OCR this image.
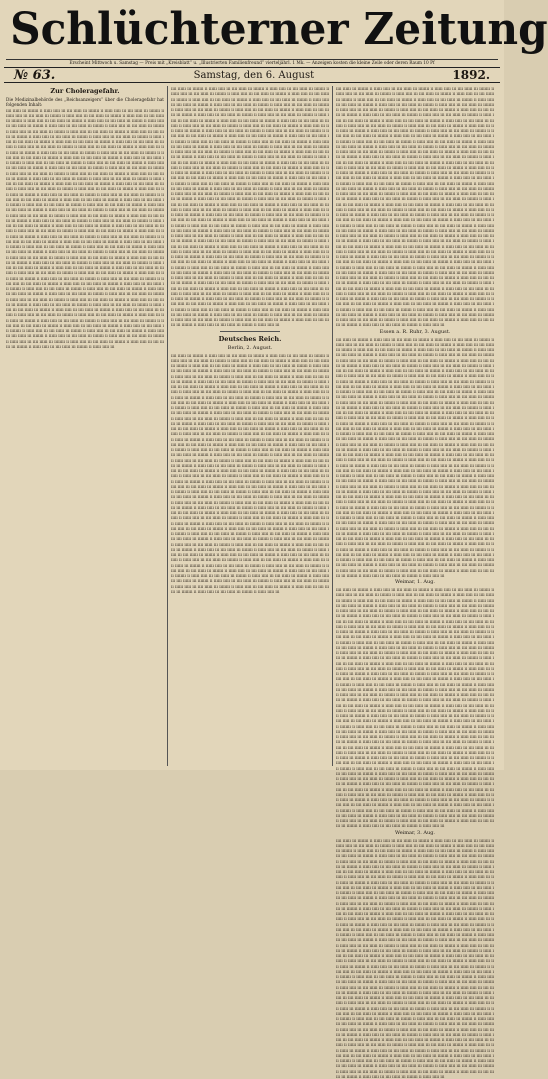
Schlüchterner Zeitung
Erscheint Mittwoch u. Samstag — Preis mit „Kreisblatt“ u. „Illustrierten Familienfreund“ vierteljährl. 1 Mk. — Anzeigen kosten die kleine Zeile oder deren Raum 10 Pf
№ 63.	Samstag, den 6. August	1892.
Zur Choleragefahr.
Die Medizinalbehörde des „Reichsanzeigers“ über die Choleragefahr hat folgenden Inhalt:
ıııı ıııııı ııı ıııııııı ıı ıııııı ııııı ııı ıııı ıııııı ııı ıııııııı ıı ıııııı ııııı ııı ıııı ıııııı ııı ıııııııı ıı ıııııı ııııı ııı ıııı ıııııı ııı ıııııııı ıı ıııııı ııııı ııı ıııı ıııııı ııı ıııııııı ıı ıııııı ııııı ııı ıııı ıııııı ııı ıııııııı ıı ıııııı ııııı ııı ıııı ıııııı ııı ıııııııı ıı ıııııı ııııı ııı ıııı ıııııı ııı ıııııııı ıı ıııııı ııııı ııı ıııı ıııııı ııı ıııııııı ıı ıııııı ııııı ııı ıııı ıııııı ııı ıııııııı ıı ıııııı ııııı ııı ıııı ıııııı ııı ıııııııı ıı ıııııı ııııı ııı ıııı ıııııı ııı ıııııııı ıı ıııııı ııııı ııı ıııı ıııııı ııı ıııııııı ıı ıııııı ııııı ııı ıııı ıııııı ııı ıııııııı ıı ıııııı ııııı ııı ıııı ıııııı ııı ıııııııı ıı ıııııı ııııı ııı ıııı ıııııı ııı ıııııııı ıı ıııııı ııııı ııı ıııı ıııııı ııı ıııııııı ıı ıııııı ııııı ııı ıııı ıııııı ııı ıııııııı ıı ıııııı ııııı ııı ıııı ıııııı ııı ıııııııı ıı ıııııı ııııı ııı ıııı ıııııı ııı ıııııııı ıı ıııııı ııııı ııı ıııı ıııııı ııı ıııııııı ıı ıııııı ııııı ııı ıııı ıııııı ııı ıııııııı ıı ıııııı ııııı ııı ıııı ıııııı ııı ıııııııı ıı ıııııı ııııı ııı ıııı ıııııı ııı ıııııııı ıı ıııııı ııııı ııı ıııı ıııııı ııı ıııııııı ıı ıııııı ııııı ııı ıııı ıııııı ııı ıııııııı ıı ıııııı ııııı ııı ıııı ıııııı ııı ıııııııı ıı ıııııı ııııı ııı ıııı ıııııı ııı ıııııııı ıı ıııııı ııııı ııı ıııı ıııııı ııı ıııııııı ıı ıııııı ııııı ııı ıııı ıııııı ııı ıııııııı ıı ıııııı ııııı ııı ıııı ıııııı ııı ıııııııı ıı ıııııı ııııı ııı ıııı ıııııı ııı ıııııııı ıı ıııııı ııııı ııı ıııı ıııııı ııı ıııııııı ıı ıııııı ııııı ııı ıııı ıııııı ııı ıııııııı ıı ıııııı ııııı ııı ıııı ıııııı ııı ıııııııı ıı ıııııı ııııı ııı ıııı ıııııı ııı ıııııııı ıı ıııııı ııııı ııı ıııı ıııııı ııı ıııııııı ıı ıııııı ııııı ııı ıııı ıııııı ııı ıııııııı ıı ıııııı ııııı ııı ıııı ıııııı ııı ıııııııı ıı ıııııı ııııı ııı ıııı ıııııı ııı ıııııııı ıı ıııııı ııııı ııı ıııı ıııııı ııı ıııııııı ıı ıııııı ııııı ııı ıııı ıııııı ııı ıııııııı ıı ıııııı ııııı ııı ıııı ıııııı ııı ıııııııı ıı ıııııı ııııı ııı ıııı ıııııı ııı ıııııııı ıı ıııııı ııııı ııı ıııı ıııııı ııı ıııııııı ıı ıııııı ııııı ııı ıııı ıııııı ııı ıııııııı ıı ıııııı ııııı ııı ıııı ıııııı ııı ıııııııı ıı ıııııı ııııı ııı ıııı ıııııı ııı ıııııııı ıı ıııııı ııııı ııı ıııı ıııııı ııı ıııııııı ıı ıııııı ııııı ııı ıııı ıııııı ııı ıııııııı ıı ıııııı ııııı ııı ıııı ıııııı ııı ıııııııı ıı ıııııı ııııı ııı ıııı ıııııı ııı ıııııııı ıı ıııııı ııııı ııı ıııı ıııııı ııı ıııııııı ıı ıııııı ııııı ııı ıııı ıııııı ııı ıııııııı ıı ıııııı ııııı ııı ıııı ıııııı ııı ıııııııı ıı ıııııı ııııı ııı ıııı ıııııı ııı ıııııııı ıı ıııııı ııııı ııı ıııı ıııııı ııı ıııııııı ıı ıııııı ııııı ııı ıııı ıııııı ııı ıııııııı ıı ıııııı ııııı ııı ıııı ıııııı ııı ıııııııı ıı ıııııı ııııı ııı ıııı ıııııı ııı ıııııııı ıı ıııııı ııııı ııı ıııı ıııııı ııı ıııııııı ıı ıııııı ııııı ııı ıııı ıııııı ııı ıııııııı ıı ıııııı ııııı ııı ıııı ıııııı ııı ıııııııı ıı ıııııı ııııı ııı ıııı ıııııı ııı ıııııııı ıı ıııııı ııııı ııı ıııı ıııııı ııı ıııııııı ıı ıııııı ııııı ııı ıııı ıııııı ııı ıııııııı ıı ıııııı ııııı ııı ıııı ıııııı ııı ıııııııı ıı ıııııı ııııı ııı ıııı ıııııı ııı ıııııııı ıı ıııııı ııııı ııı ıııı ıııııı ııı ıııııııı ıı ıııııı ııııı ııı ıııı ıııııı ııı ıııııııı ıı ıııııı ııııı ııı ıııı ıııııı ııı ıııııııı ıı ıııııı ııııı ııı ıııı ıııııı ııı ıııııııı ıı ıııııı ııııı ııı ıııı ıııııı ııı ıııııııı ıı ıııııı ııııı ııı ıııı ıııııı ııı ıııııııı ıı ıııııı ııııı ııı ıııı ıııııı ııı ıııııııı ıı ıııııı ııııı ııı ıııı ıııııı ııı ıııııııı ıı ıııııı ııııı ııı ıııı ıııııı ııı ıııııııı ıı ıııııı ııııı ııı ıııı ıııııı ııı ıııııııı ıı ıııııı ııııı ııı ıııı ıııııı ııı ıııııııı ıı ıııııı ııııı ııı ıııı ıııııı ııı ıııııııı ıı ıııııı ııııı ııı ıııı ıııııı ııı ıııııııı ıı ıııııı ııııı ııı ıııı ıııııı ııı ıııııııı ıı ıııııı ııııı ııı ıııı ıııııı ııı ıııııııı ıı ıııııı ııııı ııı ıııı ıııııı ııı ıııııııı ıı ıııııı ııııı ııı ıııı ıııııı ııı ıııııııı ıı ıııııı ııııı ııı ıııı ıııııı ııı ıııııııı ıı ıııııı ııııı ııı ıııı ıııııı ııı ıııııııı ıı ıııııı ııııı ııı ıııı ıııııı ııı ıııııııı ıı ıııııı ııııı ııı ıııı ıııııı ııı ıııııııı ıı ıııııı ııııı ııı ıııı ıııııı ııı ıııııııı ıı ıııııı ııııı ııı ıııı ıııııı ııı ıııııııı ıı ıııııı ııııı ııı ıııı ıııııı ııı ıııııııı ıı ıııııı ııııı ııı ıııı ıııııı ııı ıııııııı ıı ıııııı ııııı ııı ıııı ıııııı ııı ıııııııı ıı ıııııı ııııı ııı ıııı ıııııı ııı ıııııııı ıı ıııııı ııııı ııı ıııı ıııııı ııı ıııııııı ıı ıııııı ııııı ııı ıııı ıııııı ııı ıııııııı ıı ıııııı ııııı ııı ıııı ıııııı ııı ıııııııı ıı ıııııı ııııı ııı ıııı ıııııı ııı ıııııııı ıı ıııııı ııııı ııı ıııı ıııııı ııı ıııııııı ıı ıııııı ııııı ııı ıııı ıııııı ııı ıııııııı ıı ıııııı ııııı ııı ıııı ıııııı ııı ıııııııı ıı ıııııı ııııı ııı ıııı ıııııı ııı ıııııııı ıı ıııııı ııııı ııı ıııı ıııııı ııı ıııııııı ıı ıııııı ııııı ııı ıııı ıııııı ııı ıııııııı ıı ıııııı ııııı ııı ıııı ıııııı ııı ıııııııı ıı ıııııı ııııı ııı ıııı ıııııı ııı ıııııııı ıı ıııııı ııııı ııı ıııı ıııııı ııı ıııııııı ıı ıııııı ııııı ııı ıııı ıııııı ııı ıııııııı ıı ıııııı ııııı ııı ıııı ıııııı ııı ıııııııı ıı ıııııı ııııı ııı ıııı ıııııı ııı ıııııııı ıı ıııııı ııııı ııı ıııı ıııııı ııı ıııııııı ıı ıııııı ııııı ııı ıııı ıııııı ııı ıııııııı ıı ıııııı ııııı ııı ıııı ıııııı ııı ıııııııı ıı ıııııı ııııı ııı ıııı ıııııı ııı ıııııııı ıı ıııııı ııııı ııı ıııı ıııııı ııı ıııııııı ıı ıııııı ııııı ııı ıııı ıııııı ııı ıııııııı ıı ıııııı ııııı ııı ıııı ıııııı ııı ıııııııı ıı ıııııı ııııı ııı ıııı ıııııı ııı ıııııııı ıı ıııııı ııııı ııı ıııı ıııııı ııı ıııııııı ıı ıııııı ııııı ııı
ıııı ıııııı ııı ıııııııı ıı ıııııı ııııı ııı ıııı ıııııı ııı ıııııııı ıı ıııııı ııııı ııı ıııı ıııııı ııı ıııııııı ıı ıııııı ııııı ııı ıııı ıııııı ııı ıııııııı ıı ıııııı ııııı ııı ıııı ıııııı ııı ıııııııı ıı ıııııı ııııı ııı ıııı ıııııı ııı ıııııııı ıı ıııııı ııııı ııı ıııı ıııııı ııı ıııııııı ıı ıııııı ııııı ııı ıııı ıııııı ııı ıııııııı ıı ıııııı ııııı ııı ıııı ıııııı ııı ıııııııı ıı ıııııı ııııı ııı ıııı ıııııı ııı ıııııııı ıı ıııııı ııııı ııı ıııı ıııııı ııı ıııııııı ıı ıııııı ııııı ııı ıııı ıııııı ııı ıııııııı ıı ıııııı ııııı ııı ıııı ıııııı ııı ıııııııı ıı ıııııı ııııı ııı ıııı ıııııı ııı ıııııııı ıı ıııııı ııııı ııı ıııı ıııııı ııı ıııııııı ıı ıııııı ııııı ııı ıııı ıııııı ııı ıııııııı ıı ıııııı ııııı ııı ıııı ıııııı ııı ıııııııı ıı ıııııı ııııı ııı ıııı ıııııı ııı ıııııııı ıı ıııııı ııııı ııı ıııı ıııııı ııı ıııııııı ıı ıııııı ııııı ııı ıııı ıııııı ııı ıııııııı ıı ıııııı ııııı ııı ıııı ıııııı ııı ıııııııı ıı ıııııı ııııı ııı ıııı ıııııı ııı ıııııııı ıı ıııııı ııııı ııı ıııı ıııııı ııı ıııııııı ıı ıııııı ııııı ııı ıııı ıııııı ııı ıııııııı ıı ıııııı ııııı ııı ıııı ıııııı ııı ıııııııı ıı ıııııı ııııı ııı ıııı ıııııı ııı ıııııııı ıı ıııııı ııııı ııı ıııı ıııııı ııı ıııııııı ıı ıııııı ııııı ııı ıııı ıııııı ııı ıııııııı ıı ıııııı ııııı ııı ıııı ıııııı ııı ıııııııı ıı ıııııı ııııı ııı ıııı ıııııı ııı ıııııııı ıı ıııııı ııııı ııı ıııı ıııııı ııı ıııııııı ıı ıııııı ııııı ııı ıııı ıııııı ııı ıııııııı ıı ıııııı ııııı ııı ıııı ıııııı ııı ıııııııı ıı ıııııı ııııı ııı ıııı ıııııı ııı ıııııııı ıı ıııııı ııııı ııı ıııı ıııııı ııı ıııııııı ıı ıııııı ııııı ııı ıııı ıııııı ııı ıııııııı ıı ıııııı ııııı ııı ıııı ıııııı ııı ıııııııı ıı ıııııı ııııı ııı ıııı ıııııı ııı ıııııııı ıı ıııııı ııııı ııı ıııı ıııııı ııı ıııııııı ıı ıııııı ııııı ııı ıııı ıııııı ııı ıııııııı ıı ıııııı ııııı ııı ıııı ıııııı ııı ıııııııı ıı ıııııı ııııı ııı ıııı ıııııı ııı ıııııııı ıı ıııııı ııııı ııı ıııı ıııııı ııı ıııııııı ıı ıııııı ııııı ııı ıııı ıııııı ııı ıııııııı ıı ıııııı ııııı ııı ıııı ıııııı ııı ıııııııı ıı ıııııı ııııı ııı ıııı ıııııı ııı ıııııııı ıı ıııııı ııııı ııı ıııı ıııııı ııı ıııııııı ıı ıııııı ııııı ııı ıııı ıııııı ııı ıııııııı ıı ıııııı ııııı ııı ıııı ıııııı ııı ıııııııı ıı ıııııı ııııı ııı ıııı ıııııı ııı ıııııııı ıı ıııııı ııııı ııı ıııı ıııııı ııı ıııııııı ıı ıııııı ııııı ııı ıııı ıııııı ııı ıııııııı ıı ıııııı ııııı ııı ıııı ıııııı ııı ıııııııı ıı ıııııı ııııı ııı ıııı ıııııı ııı ıııııııı ıı ıııııı ııııı ııı ıııı ıııııı ııı ıııııııı ıı ıııııı ııııı ııı ıııı ıııııı ııı ıııııııı ıı ıııııı ııııı ııı ıııı ıııııı ııı ıııııııı ıı ıııııı ııııı ııı ıııı ıııııı ııı ıııııııı ıı ıııııı ııııı ııı ıııı ıııııı ııı ıııııııı ıı ıııııı ııııı ııı ıııı ıııııı ııı ıııııııı ıı ıııııı ııııı ııı ıııı ıııııı ııı ıııııııı ıı ıııııı ııııı ııı ıııı ıııııı ııı ıııııııı ıı ıııııı ııııı ııı ıııı ıııııı ııı ıııııııı ıı ıııııı ııııı ııı ıııı ıııııı ııı ıııııııı ıı ıııııı ııııı ııı ıııı ıııııı ııı ıııııııı ıı ıııııı ııııı ııı ıııı ıııııı ııı ıııııııı ıı ıııııı ııııı ııı ıııı ıııııı ııı ıııııııı ıı ıııııı ııııı ııı ıııı ıııııı ııı ıııııııı ıı ıııııı ııııı ııı ıııı ıııııı ııı ıııııııı ıı ıııııı ııııı ııı ıııı ıııııı ııı ıııııııı ıı ıııııı ııııı ııı ıııı ıııııı ııı ıııııııı ıı ıııııı ııııı ııı ıııı ıııııı ııı ıııııııı ıı ıııııı ııııı ııı ıııı ıııııı ııı ıııııııı ıı ıııııı ııııı ııı ıııı ıııııı ııı ıııııııı ıı ıııııı ııııı ııı ıııı ıııııı ııı ıııııııı ıı ıııııı ııııı ııı ıııı ıııııı ııı ıııııııı ıı ıııııı ııııı ııı ıııı ıııııı ııı ıııııııı ıı ıııııı ııııı ııı ıııı ıııııı ııı ıııııııı ıı ıııııı ııııı ııı ıııı ıııııı ııı ıııııııı ıı ıııııı ııııı ııı ıııı ıııııı ııı ıııııııı ıı ıııııı ııııı ııı ıııı ıııııı ııı ıııııııı ıı ıııııı ııııı ııı ıııı ıııııı ııı ıııııııı ıı ıııııı ııııı ııı ıııı ıııııı ııı ıııııııı ıı ıııııı ııııı ııı ıııı ıııııı ııı ıııııııı ıı ıııııı ııııı ııı ıııı ıııııı ııı ıııııııı ıı ıııııı ııııı ııı ıııı ıııııı ııı ıııııııı ıı ıııııı ııııı ııı ıııı ıııııı ııı ıııııııı ıı ıııııı ııııı ııı ıııı ıııııı ııı ıııııııı ıı ıııııı ııııı ııı ıııı ıııııı ııı ıııııııı ıı ıııııı ııııı ııı ıııı ıııııı ııı ıııııııı ıı ıııııı ııııı ııı ıııı ıııııı ııı ıııııııı ıı ıııııı ııııı ııı ıııı ıııııı ııı ıııııııı ıı ıııııı ııııı ııı ıııı ıııııı ııı ıııııııı ıı ıııııı ııııı ııı ıııı ıııııı ııı ıııııııı ıı ıııııı ııııı ııı ıııı ıııııı ııı ıııııııı ıı ıııııı ııııı ııı ıııı ıııııı ııı ıııııııı ıı ıııııı ııııı ııı ıııı ıııııı ııı ıııııııı ıı ıııııı ııııı ııı ıııı ıııııı ııı ıııııııı ıı ıııııı ııııı ııı ıııı ıııııı ııı ıııııııı ıı ıııııı ııııı ııı ıııı ıııııı ııı ıııııııı ıı ıııııı ııııı ııı ıııı ıııııı ııı ıııııııı ıı ıııııı ııııı ııı ıııı ıııııı ııı ıııııııı ıı ıııııı ııııı ııı ıııı ıııııı ııı ıııııııı ıı ıııııı ııııı ııı ıııı ıııııı ııı ıııııııı ıı ıııııı ııııı ııı ıııı ıııııı ııı ıııııııı ıı ıııııı ııııı ııı ıııı ıııııı ııı ıııııııı ıı ıııııı ııııı ııı ıııı ıııııı ııı ıııııııı ıı ıııııı ııııı ııı ıııı ıııııı ııı ıııııııı ıı ıııııı ııııı ııı ıııı ıııııı ııı ıııııııı ıı ıııııı ııııı ııı ıııı ıııııı ııı ıııııııı ıı ıııııı ııııı ııı ıııı ıııııı ııı ıııııııı ıı ıııııı ııııı ııı ıııı ıııııı ııı ıııııııı ıı ıııııı ııııı ııı ıııı ıııııı ııı ıııııııı ıı ıııııı ııııı ııı ıııı ıııııı ııı ıııııııı ıı ıııııı ııııı ııı ıııı ıııııı ııı ıııııııı ıı ıııııı ııııı ııı ıııı ıııııı ııı ıııııııı ıı ıııııı ııııı ııı ıııı ıııııı ııı ıııııııı ıı ıııııı ııııı ııı ıııı ıııııı ııı ıııııııı ıı ıııııı ııııı ııı ıııı ıııııı ııı ıııııııı ıı ıııııı ııııı ııı ıııı ıııııı ııı ıııııııı ıı ıııııı ııııı ııı
Deutsches Reich.
Berlin, 2. August.
ıııı ıııııı ııı ıııııııı ıı ıııııı ııııı ııı ıııı ıııııı ııı ıııııııı ıı ıııııı ııııı ııı ıııı ıııııı ııı ıııııııı ıı ıııııı ııııı ııı ıııı ıııııı ııı ıııııııı ıı ıııııı ııııı ııı ıııı ıııııı ııı ıııııııı ıı ıııııı ııııı ııı ıııı ıııııı ııı ıııııııı ıı ıııııı ııııı ııı ıııı ıııııı ııı ıııııııı ıı ıııııı ııııı ııı ıııı ıııııı ııı ıııııııı ıı ıııııı ııııı ııı ıııı ıııııı ııı ıııııııı ıı ıııııı ııııı ııı ıııı ıııııı ııı ıııııııı ıı ıııııı ııııı ııı ıııı ıııııı ııı ıııııııı ıı ıııııı ııııı ııı ıııı ıııııı ııı ıııııııı ıı ıııııı ııııı ııı ıııı ıııııı ııı ıııııııı ıı ıııııı ııııı ııı ıııı ıııııı ııı ıııııııı ıı ıııııı ııııı ııı ıııı ıııııı ııı ıııııııı ıı ıııııı ııııı ııı ıııı ıııııı ııı ıııııııı ıı ıııııı ııııı ııı ıııı ıııııı ııı ıııııııı ıı ıııııı ııııı ııı ıııı ıııııı ııı ıııııııı ıı ıııııı ııııı ııı ıııı ıııııı ııı ıııııııı ıı ıııııı ııııı ııı ıııı ıııııı ııı ıııııııı ıı ıııııı ııııı ııı ıııı ıııııı ııı ıııııııı ıı ıııııı ııııı ııı ıııı ıııııı ııı ıııııııı ıı ıııııı ııııı ııı ıııı ıııııı ııı ıııııııı ıı ıııııı ııııı ııı ıııı ıııııı ııı ıııııııı ıı ıııııı ııııı ııı ıııı ıııııı ııı ıııııııı ıı ıııııı ııııı ııı ıııı ıııııı ııı ıııııııı ıı ıııııı ııııı ııı ıııı ıııııı ııı ıııııııı ıı ıııııı ııııı ııı ıııı ıııııı ııı ıııııııı ıı ıııııı ııııı ııı ıııı ıııııı ııı ıııııııı ıı ıııııı ııııı ııı ıııı ıııııı ııı ıııııııı ıı ıııııı ııııı ııı ıııı ıııııı ııı ıııııııı ıı ıııııı ııııı ııı ıııı ıııııı ııı ıııııııı ıı ıııııı ııııı ııı ıııı ıııııı ııı ıııııııı ıı ıııııı ııııı ııı ıııı ıııııı ııı ıııııııı ıı ıııııı ııııı ııı ıııı ıııııı ııı ıııııııı ıı ıııııı ııııı ııı ıııı ıııııı ııı ıııııııı ıı ıııııı ııııı ııı ıııı ıııııı ııı ıııııııı ıı ıııııı ııııı ııı ıııı ıııııı ııı ıııııııı ıı ıııııı ııııı ııı ıııı ıııııı ııı ıııııııı ıı ıııııı ııııı ııı ıııı ıııııı ııı ıııııııı ıı ıııııı ııııı ııı ıııı ıııııı ııı ıııııııı ıı ıııııı ııııı ııı ıııı ıııııı ııı ıııııııı ıı ıııııı ııııı ııı ıııı ıııııı ııı ıııııııı ıı ıııııı ııııı ııı ıııı ıııııı ııı ıııııııı ıı ıııııı ııııı ııı ıııı ıııııı ııı ıııııııı ıı ıııııı ııııı ııı ıııı ıııııı ııı ıııııııı ıı ıııııı ııııı ııı ıııı ıııııı ııı ıııııııı ıı ıııııı ııııı ııı ıııı ıııııı ııı ıııııııı ıı ıııııı ııııı ııı ıııı ıııııı ııı ıııııııı ıı ıııııı ııııı ııı ıııı ıııııı ııı ıııııııı ıı ıııııı ııııı ııı ıııı ıııııı ııı ıııııııı ıı ıııııı ııııı ııı ıııı ıııııı ııı ıııııııı ıı ıııııı ııııı ııı ıııı ıııııı ııı ıııııııı ıı ıııııı ııııı ııı ıııı ıııııı ııı ıııııııı ıı ıııııı ııııı ııı ıııı ıııııı ııı ıııııııı ıı ıııııı ııııı ııı ıııı ıııııı ııı ıııııııı ıı ıııııı ııııı ııı ıııı ıııııı ııı ıııııııı ıı ıııııı ııııı ııı ıııı ıııııı ııı ıııııııı ıı ıııııı ııııı ııı ıııı ıııııı ııı ıııııııı ıı ıııııı ııııı ııı ıııı ıııııı ııı ıııııııı ıı ıııııı ııııı ııı ıııı ıııııı ııı ıııııııı ıı ıııııı ııııı ııı ıııı ıııııı ııı ıııııııı ıı ıııııı ııııı ııı ıııı ıııııı ııı ıııııııı ıı ıııııı ııııı ııı ıııı ıııııı ııı ıııııııı ıı ıııııı ııııı ııı ıııı ıııııı ııı ıııııııı ıı ıııııı ııııı ııı ıııı ıııııı ııı ıııııııı ıı ıııııı ııııı ııı ıııı ıııııı ııı ıııııııı ıı ıııııı ııııı ııı ıııı ıııııı ııı ıııııııı ıı ıııııı ııııı ııı ıııı ıııııı ııı ıııııııı ıı ıııııı ııııı ııı ıııı ıııııı ııı ıııııııı ıı ıııııı ııııı ııı ıııı ıııııı ııı ıııııııı ıı ıııııı ııııı ııı ıııı ıııııı ııı ıııııııı ıı ıııııı ııııı ııı ıııı ıııııı ııı ıııııııı ıı ıııııı ııııı ııı ıııı ıııııı ııı ıııııııı ıı ıııııı ııııı ııı ıııı ıııııı ııı ıııııııı ıı ıııııı ııııı ııı ıııı ıııııı ııı ıııııııı ıı ıııııı ııııı ııı ıııı ıııııı ııı ıııııııı ıı ıııııı ııııı ııı ıııı ıııııı ııı ıııııııı ıı ıııııı ııııı ııı ıııı ıııııı ııı ıııııııı ıı ıııııı ııııı ııı ıııı ıııııı ııı ıııııııı ıı ıııııı ııııı ııı ıııı ıııııı ııı ıııııııı ıı ıııııı ııııı ııı ıııı ıııııı ııı ıııııııı ıı ıııııı ııııı ııı ıııı ıııııı ııı ıııııııı ıı ıııııı ııııı ııı ıııı ıııııı ııı ıııııııı ıı ıııııı ııııı ııı ıııı ıııııı ııı ıııııııı ıı ıııııı ııııı ııı ıııı ıııııı ııı ıııııııı ıı ıııııı ııııı ııı ıııı ıııııı ııı ıııııııı ıı ıııııı ııııı ııı ıııı ıııııı ııı ıııııııı ıı ıııııı ııııı ııı ıııı ıııııı ııı ıııııııı ıı ıııııı ııııı ııı ıııı ıııııı ııı ıııııııı ıı ıııııı ııııı ııı ıııı ıııııı ııı ıııııııı ıı ıııııı ııııı ııı ıııı ıııııı ııı ıııııııı ıı ıııııı ııııı ııı ıııı ıııııı ııı ıııııııı ıı ıııııı ııııı ııı ıııı ıııııı ııı ıııııııı ıı ıııııı ııııı ııı ıııı ıııııı ııı ıııııııı ıı ıııııı ııııı ııı ıııı ıııııı ııı ıııııııı ıı ıııııı ııııı ııı ıııı ıııııı ııı ıııııııı ıı ıııııı ııııı ııı ıııı ıııııı ııı ıııııııı ıı ıııııı ııııı ııı ıııı ıııııı ııı ıııııııı ıı ıııııı ııııı ııı ıııı ıııııı ııı ıııııııı ıı ıııııı ııııı ııı ıııı ıııııı ııı ıııııııı ıı ıııııı ııııı ııı ıııı ıııııı ııı ıııııııı ıı ıııııı ııııı ııı ıııı ıııııı ııı ıııııııı ıı ıııııı ııııı ııı ıııı ıııııı ııı ıııııııı ıı ıııııı ııııı ııı ıııı ıııııı ııı ıııııııı ıı ıııııı ııııı ııı ıııı ıııııı ııı ıııııııı ıı ıııııı ııııı ııı ıııı ıııııı ııı ıııııııı ıı ıııııı ııııı ııı ıııı ıııııı ııı ıııııııı ıı ıııııı ııııı ııı ıııı ıııııı ııı ıııııııı ıı ıııııı ııııı ııı ıııı ıııııı ııı ıııııııı ıı ıııııı ııııı ııı ıııı ıııııı ııı ıııııııı ıı ıııııı ııııı ııı ıııı ıııııı ııı ıııııııı ıı ıııııı ııııı ııı ıııı ıııııı ııı ıııııııı ıı ıııııı ııııı ııı ıııı ıııııı ııı ıııııııı ıı ıııııı ııııı ııı ıııı ıııııı ııı ıııııııı ıı ıııııı ııııı ııı ıııı ıııııı ııı ıııııııı ıı ıııııı ııııı ııı ıııı ıııııı ııı ıııııııı ıı ıııııı ııııı ııı ıııı ıııııı ııı ıııııııı ıı ıııııı ııııı ııı ıııı ıııııı ııı ıııııııı ıı ıııııı ııııı ııı ıııı ıııııı ııı ıııııııı ıı ıııııı ııııı ııı
ıııı ıııııı ııı ıııııııı ıı ıııııı ııııı ııı ıııı ıııııı ııı ıııııııı ıı ıııııı ııııı ııı ıııı ıııııı ııı ıııııııı ıı ıııııı ııııı ııı ıııı ıııııı ııı ıııııııı ıı ıııııı ııııı ııı ıııı ıııııı ııı ıııııııı ıı ıııııı ııııı ııı ıııı ıııııı ııı ıııııııı ıı ıııııı ııııı ııı ıııı ıııııı ııı ıııııııı ıı ıııııı ııııı ııı ıııı ıııııı ııı ıııııııı ıı ıııııı ııııı ııı ıııı ıııııı ııı ıııııııı ıı ıııııı ııııı ııı ıııı ıııııı ııı ıııııııı ıı ıııııı ııııı ııı ıııı ıııııı ııı ıııııııı ıı ıııııı ııııı ııı ıııı ıııııı ııı ıııııııı ıı ıııııı ııııı ııı ıııı ıııııı ııı ıııııııı ıı ıııııı ııııı ııı ıııı ıııııı ııı ıııııııı ıı ıııııı ııııı ııı ıııı ıııııı ııı ıııııııı ıı ıııııı ııııı ııı ıııı ıııııı ııı ıııııııı ıı ıııııı ııııı ııı ıııı ıııııı ııı ıııııııı ıı ıııııı ııııı ııı ıııı ıııııı ııı ıııııııı ıı ıııııı ııııı ııı ıııı ıııııı ııı ıııııııı ıı ıııııı ııııı ııı ıııı ıııııı ııı ıııııııı ıı ıııııı ııııı ııı ıııı ıııııı ııı ıııııııı ıı ıııııı ııııı ııı ıııı ıııııı ııı ıııııııı ıı ıııııı ııııı ııı ıııı ıııııı ııı ıııııııı ıı ıııııı ııııı ııı ıııı ıııııı ııı ıııııııı ıı ıııııı ııııı ııı ıııı ıııııı ııı ıııııııı ıı ıııııı ııııı ııı ıııı ıııııı ııı ıııııııı ıı ıııııı ııııı ııı ıııı ıııııı ııı ıııııııı ıı ıııııı ııııı ııı ıııı ıııııı ııı ıııııııı ıı ıııııı ııııı ııı ıııı ıııııı ııı ıııııııı ıı ıııııı ııııı ııı ıııı ıııııı ııı ıııııııı ıı ıııııı ııııı ııı ıııı ıııııı ııı ıııııııı ıı ıııııı ııııı ııı ıııı ıııııı ııı ıııııııı ıı ıııııı ııııı ııı ıııı ıııııı ııı ıııııııı ıı ıııııı ııııı ııı ıııı ıııııı ııı ıııııııı ıı ıııııı ııııı ııı ıııı ıııııı ııı ıııııııı ıı ıııııı ııııı ııı ıııı ıııııı ııı ıııııııı ıı ıııııı ııııı ııı ıııı ıııııı ııı ıııııııı ıı ıııııı ııııı ııı ıııı ıııııı ııı ıııııııı ıı ıııııı ııııı ııı ıııı ıııııı ııı ıııııııı ıı ıııııı ııııı ııı ıııı ıııııı ııı ıııııııı ıı ıııııı ııııı ııı ıııı ıııııı ııı ıııııııı ıı ıııııı ııııı ııı ıııı ıııııı ııı ıııııııı ıı ıııııı ııııı ııı ıııı ıııııı ııı ıııııııı ıı ıııııı ııııı ııı ıııı ıııııı ııı ıııııııı ıı ıııııı ııııı ııı ıııı ıııııı ııı ıııııııı ıı ıııııı ııııı ııı ıııı ıııııı ııı ıııııııı ıı ıııııı ııııı ııı ıııı ıııııı ııı ıııııııı ıı ıııııı ııııı ııı ıııı ıııııı ııı ıııııııı ıı ıııııı ııııı ııı ıııı ıııııı ııı ıııııııı ıı ıııııı ııııı ııı ıııı ıııııı ııı ıııııııı ıı ıııııı ııııı ııı ıııı ıııııı ııı ıııııııı ıı ıııııı ııııı ııı ıııı ıııııı ııı ıııııııı ıı ıııııı ııııı ııı ıııı ıııııı ııı ıııııııı ıı ıııııı ııııı ııı ıııı ıııııı ııı ıııııııı ıı ıııııı ııııı ııı ıııı ıııııı ııı ıııııııı ıı ıııııı ııııı ııı ıııı ıııııı ııı ıııııııı ıı ıııııı ııııı ııı ıııı ıııııı ııı ıııııııı ıı ıııııı ııııı ııı ıııı ıııııı ııı ıııııııı ıı ıııııı ııııı ııı ıııı ıııııı ııı ıııııııı ıı ıııııı ııııı ııı ıııı ıııııı ııı ıııııııı ıı ıııııı ııııı ııı ıııı ıııııı ııı ıııııııı ıı ıııııı ııııı ııı ıııı ıııııı ııı ıııııııı ıı ıııııı ııııı ııı ıııı ıııııı ııı ıııııııı ıı ıııııı ııııı ııı ıııı ıııııı ııı ıııııııı ıı ıııııı ııııı ııı ıııı ıııııı ııı ıııııııı ıı ıııııı ııııı ııı ıııı ıııııı ııı ıııııııı ıı ıııııı ııııı ııı ıııı ıııııı ııı ıııııııı ıı ıııııı ııııı ııı ıııı ıııııı ııı ıııııııı ıı ıııııı ııııı ııı ıııı ıııııı ııı ıııııııı ıı ıııııı ııııı ııı ıııı ıııııı ııı ıııııııı ıı ıııııı ııııı ııı ıııı ıııııı ııı ıııııııı ıı ıııııı ııııı ııı ıııı ıııııı ııı ıııııııı ıı ıııııı ııııı ııı ıııı ıııııı ııı ıııııııı ıı ıııııı ııııı ııı ıııı ıııııı ııı ıııııııı ıı ıııııı ııııı ııı ıııı ıııııı ııı ıııııııı ıı ıııııı ııııı ııı ıııı ıııııı ııı ıııııııı ıı ıııııı ııııı ııı ıııı ıııııı ııı ıııııııı ıı ıııııı ııııı ııı ıııı ıııııı ııı ıııııııı ıı ıııııı ııııı ııı ıııı ıııııı ııı ıııııııı ıı ıııııı ııııı ııı ıııı ıııııı ııı ıııııııı ıı ıııııı ııııı ııı ıııı ıııııı ııı ıııııııı ıı ıııııı ııııı ııı ıııı ıııııı ııı ıııııııı ıı ıııııı ııııı ııı ıııı ıııııı ııı ıııııııı ıı ıııııı ııııı ııı ıııı ıııııı ııı ıııııııı ıı ıııııı ııııı ııı ıııı ıııııı ııı ıııııııı ıı ıııııı ııııı ııı ıııı ıııııı ııı ıııııııı ıı ıııııı ııııı ııı ıııı ıııııı ııı ıııııııı ıı ıııııı ııııı ııı ıııı ıııııı ııı ıııııııı ıı ıııııı ııııı ııı ıııı ıııııı ııı ıııııııı ıı ıııııı ııııı ııı ıııı ıııııı ııı ıııııııı ıı ıııııı ııııı ııı ıııı ıııııı ııı ıııııııı ıı ıııııı ııııı ııı ıııı ıııııı ııı ıııııııı ıı ıııııı ııııı ııı ıııı ıııııı ııı ıııııııı ıı ıııııı ııııı ııı ıııı ıııııı ııı ıııııııı ıı ıııııı ııııı ııı ıııı ıııııı ııı ıııııııı ıı ıııııı ııııı ııı ıııı ıııııı ııı ıııııııı ıı ıııııı ııııı ııı ıııı ıııııı ııı ıııııııı ıı ıııııı ııııı ııı ıııı ıııııı ııı ıııııııı ıı ıııııı ııııı ııı ıııı ıııııı ııı ıııııııı ıı ıııııı ııııı ııı ıııı ıııııı ııı ıııııııı ıı ıııııı ııııı ııı ıııı ıııııı ııı ıııııııı ıı ıııııı ııııı ııı ıııı ıııııı ııı ıııııııı ıı ıııııı ııııı ııı ıııı ıııııı ııı ıııııııı ıı ıııııı ııııı ııı ıııı ıııııı ııı ıııııııı ıı ıııııı ııııı ııı ıııı ıııııı ııı ıııııııı ıı ıııııı ııııı ııı ıııı ıııııı ııı ıııııııı ıı ıııııı ııııı ııı ıııı ıııııı ııı ıııııııı ıı ıııııı ııııı ııı ıııı ıııııı ııı ıııııııı ıı ıııııı ııııı ııı ıııı ıııııı ııı ıııııııı ıı ıııııı ııııı ııı ıııı ıııııı ııı ıııııııı ıı ıııııı ııııı ııı ıııı ıııııı ııı ıııııııı ıı ıııııı ııııı ııı ıııı ıııııı ııı ıııııııı ıı ıııııı ııııı ııı ıııı ıııııı ııı ıııııııı ıı ıııııı ııııı ııı ıııı ıııııı ııı ıııııııı ıı ıııııı ııııı ııı ıııı ıııııı ııı ıııııııı ıı ıııııı ııııı ııı ıııı ıııııı ııı ıııııııı ıı ıııııı ııııı ııı ıııı ıııııı ııı ıııııııı ıı ıııııı ııııı ııı ıııı ıııııı ııı ıııııııı ıı ıııııı ııııı ııı ıııı ıııııı ııı ıııııııı ıı ıııııı ııııı ııı ıııı ıııııı ııı ıııııııı ıı ıııııı ııııı ııı
Essen a. R. Ruhr, 3. August.
ıııı ıııııı ııı ıııııııı ıı ıııııı ııııı ııı ıııı ıııııı ııı ıııııııı ıı ıııııı ııııı ııı ıııı ıııııı ııı ıııııııı ıı ıııııı ııııı ııı ıııı ıııııı ııı ıııııııı ıı ıııııı ııııı ııı ıııı ıııııı ııı ıııııııı ıı ıııııı ııııı ııı ıııı ıııııı ııı ıııııııı ıı ıııııı ııııı ııı ıııı ıııııı ııı ıııııııı ıı ıııııı ııııı ııı ıııı ıııııı ııı ıııııııı ıı ıııııı ııııı ııı ıııı ıııııı ııı ıııııııı ıı ıııııı ııııı ııı ıııı ıııııı ııı ıııııııı ıı ıııııı ııııı ııı ıııı ıııııı ııı ıııııııı ıı ıııııı ııııı ııı ıııı ıııııı ııı ıııııııı ıı ıııııı ııııı ııı ıııı ıııııı ııı ıııııııı ıı ıııııı ııııı ııı ıııı ıııııı ııı ıııııııı ıı ıııııı ııııı ııı ıııı ıııııı ııı ıııııııı ıı ıııııı ııııı ııı ıııı ıııııı ııı ıııııııı ıı ıııııı ııııı ııı ıııı ıııııı ııı ıııııııı ıı ıııııı ııııı ııı ıııı ıııııı ııı ıııııııı ıı ıııııı ııııı ııı ıııı ıııııı ııı ıııııııı ıı ıııııı ııııı ııı ıııı ıııııı ııı ıııııııı ıı ıııııı ııııı ııı ıııı ıııııı ııı ıııııııı ıı ıııııı ııııı ııı ıııı ıııııı ııı ıııııııı ıı ıııııı ııııı ııı ıııı ıııııı ııı ıııııııı ıı ıııııı ııııı ııı ıııı ıııııı ııı ıııııııı ıı ıııııı ııııı ııı ıııı ıııııı ııı ıııııııı ıı ıııııı ııııı ııı ıııı ıııııı ııı ıııııııı ıı ıııııı ııııı ııı ıııı ıııııı ııı ıııııııı ıı ıııııı ııııı ııı ıııı ıııııı ııı ıııııııı ıı ıııııı ııııı ııı ıııı ıııııı ııı ıııııııı ıı ıııııı ııııı ııı ıııı ıııııı ııı ıııııııı ıı ıııııı ııııı ııı ıııı ıııııı ııı ıııııııı ıı ıııııı ııııı ııı ıııı ıııııı ııı ıııııııı ıı ıııııı ııııı ııı ıııı ıııııı ııı ıııııııı ıı ıııııı ııııı ııı ıııı ıııııı ııı ıııııııı ıı ıııııı ııııı ııı ıııı ıııııı ııı ıııııııı ıı ıııııı ııııı ııı ıııı ıııııı ııı ıııııııı ıı ıııııı ııııı ııı ıııı ıııııı ııı ıııııııı ıı ıııııı ııııı ııı ıııı ıııııı ııı ıııııııı ıı ıııııı ııııı ııı ıııı ıııııı ııı ıııııııı ıı ıııııı ııııı ııı ıııı ıııııı ııı ıııııııı ıı ıııııı ııııı ııı ıııı ıııııı ııı ıııııııı ıı ıııııı ııııı ııı ıııı ıııııı ııı ıııııııı ıı ıııııı ııııı ııı ıııı ıııııı ııı ıııııııı ıı ıııııı ııııı ııı ıııı ıııııı ııı ıııııııı ıı ıııııı ııııı ııı ıııı ıııııı ııı ıııııııı ıı ıııııı ııııı ııı ıııı ıııııı ııı ıııııııı ıı ıııııı ııııı ııı ıııı ıııııı ııı ıııııııı ıı ıııııı ııııı ııı ıııı ıııııı ııı ıııııııı ıı ıııııı ııııı ııı ıııı ıııııı ııı ıııııııı ıı ıııııı ııııı ııı ıııı ıııııı ııı ıııııııı ıı ıııııı ııııı ııı ıııı ıııııı ııı ıııııııı ıı ıııııı ııııı ııı ıııı ıııııı ııı ıııııııı ıı ıııııı ııııı ııı ıııı ıııııı ııı ıııııııı ıı ıııııı ııııı ııı ıııı ıııııı ııı ıııııııı ıı ıııııı ııııı ııı ıııı ıııııı ııı ıııııııı ıı ıııııı ııııı ııı ıııı ıııııı ııı ıııııııı ıı ıııııı ııııı ııı ıııı ıııııı ııı ıııııııı ıı ıııııı ııııı ııı ıııı ıııııı ııı ıııııııı ıı ıııııı ııııı ııı ıııı ıııııı ııı ıııııııı ıı ıııııı ııııı ııı ıııı ıııııı ııı ıııııııı ıı ıııııı ııııı ııı ıııı ıııııı ııı ıııııııı ıı ıııııı ııııı ııı ıııı ıııııı ııı ıııııııı ıı ıııııı ııııı ııı ıııı ıııııı ııı ıııııııı ıı ıııııı ııııı ııı ıııı ıııııı ııı ıııııııı ıı ıııııı ııııı ııı ıııı ıııııı ııı ıııııııı ıı ıııııı ııııı ııı ıııı ıııııı ııı ıııııııı ıı ıııııı ııııı ııı ıııı ıııııı ııı ıııııııı ıı ıııııı ııııı ııı ıııı ıııııı ııı ıııııııı ıı ıııııı ııııı ııı ıııı ıııııı ııı ıııııııı ıı ıııııı ııııı ııı ıııı ıııııı ııı ıııııııı ıı ıııııı ııııı ııı ıııı ıııııı ııı ıııııııı ıı ıııııı ııııı ııı ıııı ıııııı ııı ıııııııı ıı ıııııı ııııı ııı ıııı ıııııı ııı ıııııııı ıı ıııııı ııııı ııı ıııı ıııııı ııı ıııııııı ıı ıııııı ııııı ııı ıııı ıııııı ııı ıııııııı ıı ıııııı ııııı ııı ıııı ıııııı ııı ıııııııı ıı ıııııı ııııı ııı ıııı ıııııı ııı ıııııııı ıı ıııııı ııııı ııı ıııı ıııııı ııı ıııııııı ıı ıııııı ııııı ııı ıııı ıııııı ııı ıııııııı ıı ıııııı ııııı ııı ıııı ıııııı ııı ıııııııı ıı ıııııı ııııı ııı ıııı ıııııı ııı ıııııııı ıı ıııııı ııııı ııı ıııı ıııııı ııı ıııııııı ıı ıııııı ııııı ııı ıııı ıııııı ııı ıııııııı ıı ıııııı ııııı ııı ıııı ıııııı ııı ıııııııı ıı ıııııı ııııı ııı ıııı ıııııı ııı ıııııııı ıı ıııııı ııııı ııı ıııı ıııııı ııı ıııııııı ıı ıııııı ııııı ııı ıııı ıııııı ııı ıııııııı ıı ıııııı ııııı ııı ıııı ıııııı ııı ıııııııı ıı ıııııı ııııı ııı ıııı ıııııı ııı ıııııııı ıı ıııııı ııııı ııı ıııı ıııııı ııı ıııııııı ıı ıııııı ııııı ııı ıııı ıııııı ııı ıııııııı ıı ıııııı ııııı ııı ıııı ıııııı ııı ıııııııı ıı ıııııı ııııı ııı ıııı ıııııı ııı ıııııııı ıı ıııııı ııııı ııı ıııı ıııııı ııı ıııııııı ıı ıııııı ııııı ııı ıııı ıııııı ııı ıııııııı ıı ıııııı ııııı ııı ıııı ıııııı ııı ıııııııı ıı ıııııı ııııı ııı ıııı ıııııı ııı ıııııııı ıı ıııııı ııııı ııı ıııı ıııııı ııı ıııııııı ıı ıııııı ııııı ııı ıııı ıııııı ııı ıııııııı ıı ıııııı ııııı ııı ıııı ıııııı ııı ıııııııı ıı ıııııı ııııı ııı ıııı ıııııı ııı ıııııııı ıı ıııııı ııııı ııı ıııı ıııııı ııı ıııııııı ıı ıııııı ııııı ııı ıııı ıııııı ııı ıııııııı ıı ıııııı ııııı ııı ıııı ıııııı ııı ıııııııı ıı ıııııı ııııı ııı ıııı ıııııı ııı ıııııııı ıı ıııııı ııııı ııı ıııı ıııııı ııı ıııııııı ıı ıııııı ııııı ııı ıııı ıııııı ııı ıııııııı ıı ıııııı ııııı ııı ıııı ıııııı ııı ıııııııı ıı ıııııı ııııı ııı ıııı ıııııı ııı ıııııııı ıı ıııııı ııııı ııı ıııı ıııııı ııı ıııııııı ıı ıııııı ııııı ııı ıııı ıııııı ııı ıııııııı ıı ıııııı ııııı ııı ıııı ıııııı ııı ıııııııı ıı ıııııı ııııı ııı ıııı ıııııı ııı ıııııııı ıı ıııııı ııııı ııı ıııı ıııııı ııı ıııııııı ıı ıııııı ııııı ııı ıııı ıııııı ııı ıııııııı ıı ıııııı ııııı ııı ıııı ıııııı ııı ıııııııı ıı ıııııı ııııı ııı ıııı ıııııı ııı ıııııııı ıı ıııııı ııııı ııı ıııı ıııııı ııı ıııııııı ıı ıııııı ııııı ııı ıııı ıııııı ııı ıııııııı ıı ıııııı ııııı ııı ıııı ıııııı ııı ıııııııı ıı ıııııı ııııı ııı
Weimar, 1. Aug.
ıııı ıııııı ııı ıııııııı ıı ıııııı ııııı ııı ıııı ıııııı ııı ıııııııı ıı ıııııı ııııı ııı ıııı ıııııı ııı ıııııııı ıı ıııııı ııııı ııı ıııı ıııııı ııı ıııııııı ıı ıııııı ııııı ııı ıııı ıııııı ııı ıııııııı ıı ıııııı ııııı ııı ıııı ıııııı ııı ıııııııı ıı ıııııı ııııı ııı ıııı ıııııı ııı ıııııııı ıı ıııııı ııııı ııı ıııı ıııııı ııı ıııııııı ıı ıııııı ııııı ııı ıııı ıııııı ııı ıııııııı ıı ıııııı ııııı ııı ıııı ıııııı ııı ıııııııı ıı ıııııı ııııı ııı ıııı ıııııı ııı ıııııııı ıı ıııııı ııııı ııı ıııı ıııııı ııı ıııııııı ıı ıııııı ııııı ııı ıııı ıııııı ııı ıııııııı ıı ıııııı ııııı ııı ıııı ıııııı ııı ıııııııı ıı ıııııı ııııı ııı ıııı ıııııı ııı ıııııııı ıı ıııııı ııııı ııı ıııı ıııııı ııı ıııııııı ıı ıııııı ııııı ııı ıııı ıııııı ııı ıııııııı ıı ıııııı ııııı ııı ıııı ıııııı ııı ıııııııı ıı ıııııı ııııı ııı ıııı ıııııı ııı ıııııııı ıı ıııııı ııııı ııı ıııı ıııııı ııı ıııııııı ıı ıııııı ııııı ııı ıııı ıııııı ııı ıııııııı ıı ıııııı ııııı ııı ıııı ıııııı ııı ıııııııı ıı ıııııı ııııı ııı ıııı ıııııı ııı ıııııııı ıı ıııııı ııııı ııı ıııı ıııııı ııı ıııııııı ıı ıııııı ııııı ııı ıııı ıııııı ııı ıııııııı ıı ıııııı ııııı ııı ıııı ıııııı ııı ıııııııı ıı ıııııı ııııı ııı ıııı ıııııı ııı ıııııııı ıı ıııııı ııııı ııı ıııı ıııııı ııı ıııııııı ıı ıııııı ııııı ııı ıııı ıııııı ııı ıııııııı ıı ıııııı ııııı ııı ıııı ıııııı ııı ıııııııı ıı ıııııı ııııı ııı ıııı ıııııı ııı ıııııııı ıı ıııııı ııııı ııı ıııı ıııııı ııı ıııııııı ıı ıııııı ııııı ııı ıııı ıııııı ııı ıııııııı ıı ıııııı ııııı ııı ıııı ıııııı ııı ıııııııı ıı ıııııı ııııı ııı ıııı ıııııı ııı ıııııııı ıı ıııııı ııııı ııı ıııı ıııııı ııı ıııııııı ıı ıııııı ııııı ııı ıııı ıııııı ııı ıııııııı ıı ıııııı ııııı ııı ıııı ıııııı ııı ıııııııı ıı ıııııı ııııı ııı ıııı ıııııı ııı ıııııııı ıı ıııııı ııııı ııı ıııı ıııııı ııı ıııııııı ıı ıııııı ııııı ııı ıııı ıııııı ııı ıııııııı ıı ıııııı ııııı ııı ıııı ıııııı ııı ıııııııı ıı ıııııı ııııı ııı ıııı ıııııı ııı ıııııııı ıı ıııııı ııııı ııı ıııı ıııııı ııı ıııııııı ıı ıııııı ııııı ııı ıııı ıııııı ııı ıııııııı ıı ıııııı ııııı ııı ıııı ıııııı ııı ıııııııı ıı ıııııı ııııı ııı ıııı ıııııı ııı ıııııııı ıı ıııııı ııııı ııı ıııı ıııııı ııı ıııııııı ıı ıııııı ııııı ııı ıııı ıııııı ııı ıııııııı ıı ıııııı ııııı ııı ıııı ıııııı ııı ıııııııı ıı ıııııı ııııı ııı ıııı ıııııı ııı ıııııııı ıı ıııııı ııııı ııı ıııı ıııııı ııı ıııııııı ıı ıııııı ııııı ııı ıııı ıııııı ııı ıııııııı ıı ıııııı ııııı ııı ıııı ıııııı ııı ıııııııı ıı ıııııı ııııı ııı ıııı ıııııı ııı ıııııııı ıı ıııııı ııııı ııı ıııı ıııııı ııı ıııııııı ıı ıııııı ııııı ııı ıııı ıııııı ııı ıııııııı ıı ıııııı ııııı ııı ıııı ıııııı ııı ıııııııı ıı ıııııı ııııı ııı ıııı ıııııı ııı ıııııııı ıı ıııııı ııııı ııı ıııı ıııııı ııı ıııııııı ıı ıııııı ııııı ııı ıııı ıııııı ııı ıııııııı ıı ıııııı ııııı ııı ıııı ıııııı ııı ıııııııı ıı ıııııı ııııı ııı ıııı ıııııı ııı ıııııııı ıı ıııııı ııııı ııı ıııı ıııııı ııı ıııııııı ıı ıııııı ııııı ııı ıııı ıııııı ııı ıııııııı ıı ıııııı ııııı ııı ıııı ıııııı ııı ıııııııı ıı ıııııı ııııı ııı ıııı ıııııı ııı ıııııııı ıı ıııııı ııııı ııı ıııı ıııııı ııı ıııııııı ıı ıııııı ııııı ııı ıııı ıııııı ııı ıııııııı ıı ıııııı ııııı ııı ıııı ıııııı ııı ıııııııı ıı ıııııı ııııı ııı ıııı ıııııı ııı ıııııııı ıı ıııııı ııııı ııı ıııı ıııııı ııı ıııııııı ıı ıııııı ııııı ııı ıııı ıııııı ııı ıııııııı ıı ıııııı ııııı ııı ıııı ıııııı ııı ıııııııı ıı ıııııı ııııı ııı ıııı ıııııı ııı ıııııııı ıı ıııııı ııııı ııı ıııı ıııııı ııı ıııııııı ıı ıııııı ııııı ııı ıııı ıııııı ııı ıııııııı ıı ıııııı ııııı ııı ıııı ıııııı ııı ıııııııı ıı ıııııı ııııı ııı ıııı ıııııı ııı ıııııııı ıı ıııııı ııııı ııı ıııı ıııııı ııı ıııııııı ıı ıııııı ııııı ııı ıııı ıııııı ııı ıııııııı ıı ıııııı ııııı ııı ıııı ıııııı ııı ıııııııı ıı ıııııı ııııı ııı ıııı ıııııı ııı ıııııııı ıı ıııııı ııııı ııı ıııı ıııııı ııı ıııııııı ıı ıııııı ııııı ııı ıııı ıııııı ııı ıııııııı ıı ıııııı ııııı ııı ıııı ıııııı ııı ıııııııı ıı ıııııı ııııı ııı ıııı ıııııı ııı ıııııııı ıı ıııııı ııııı ııı ıııı ıııııı ııı ıııııııı ıı ıııııı ııııı ııı ıııı ıııııı ııı ıııııııı ıı ıııııı ııııı ııı ıııı ıııııı ııı ıııııııı ıı ıııııı ııııı ııı ıııı ıııııı ııı ıııııııı ıı ıııııı ııııı ııı ıııı ıııııı ııı ıııııııı ıı ıııııı ııııı ııı ıııı ıııııı ııı ıııııııı ıı ıııııı ııııı ııı ıııı ıııııı ııı ıııııııı ıı ıııııı ııııı ııı ıııı ıııııı ııı ıııııııı ıı ıııııı ııııı ııı ıııı ıııııı ııı ıııııııı ıı ıııııı ııııı ııı ıııı ıııııı ııı ıııııııı ıı ıııııı ııııı ııı ıııı ıııııı ııı ıııııııı ıı ıııııı ııııı ııı ıııı ıııııı ııı ıııııııı ıı ıııııı ııııı ııı ıııı ıııııı ııı ıııııııı ıı ıııııı ııııı ııı ıııı ıııııı ııı ıııııııı ıı ıııııı ııııı ııı ıııı ıııııı ııı ıııııııı ıı ıııııı ııııı ııı ıııı ıııııı ııı ıııııııı ıı ıııııı ııııı ııı ıııı ıııııı ııı ıııııııı ıı ıııııı ııııı ııı ıııı ıııııı ııı ıııııııı ıı ıııııı ııııı ııı ıııı ıııııı ııı ıııııııı ıı ıııııı ııııı ııı ıııı ıııııı ııı ıııııııı ıı ıııııı ııııı ııı ıııı ıııııı ııı ıııııııı ıı ıııııı ııııı ııı ıııı ıııııı ııı ıııııııı ıı ıııııı ııııı ııı ıııı ıııııı ııı ıııııııı ıı ıııııı ııııı ııı ıııı ıııııı ııı ıııııııı ıı ıııııı ııııı ııı ıııı ıııııı ııı ıııııııı ıı ıııııı ııııı ııı ıııı ıııııı ııı ıııııııı ıı ıııııı ııııı ııı ıııı ıııııı ııı ıııııııı ıı ıııııı ııııı ııı ıııı ıııııı ııı ıııııııı ıı ıııııı ııııı ııı ıııı ıııııı ııı ıııııııı ıı ıııııı ııııı ııı ıııı ıııııı ııı ıııııııı ıı ıııııı ııııı ııı ıııı ıııııı ııı ıııııııı ıı ıııııı ııııı ııı ıııı ıııııı ııı ıııııııı ıı ıııııı ııııı ııı ıııı ıııııı ııı ıııııııı ıı ıııııı ııııı ııı
Weimar, 3. Aug.
ıııı ıııııı ııı ıııııııı ıı ıııııı ııııı ııı ıııı ıııııı ııı ıııııııı ıı ıııııı ııııı ııı ıııı ıııııı ııı ıııııııı ıı ıııııı ııııı ııı ıııı ıııııı ııı ıııııııı ıı ıııııı ııııı ııı ıııı ıııııı ııı ıııııııı ıı ıııııı ııııı ııı ıııı ıııııı ııı ıııııııı ıı ıııııı ııııı ııı ıııı ıııııı ııı ıııııııı ıı ıııııı ııııı ııı ıııı ıııııı ııı ıııııııı ıı ıııııı ııııı ııı ıııı ıııııı ııı ıııııııı ıı ıııııı ııııı ııı ıııı ıııııı ııı ıııııııı ıı ıııııı ııııı ııı ıııı ıııııı ııı ıııııııı ıı ıııııı ııııı ııı ıııı ıııııı ııı ıııııııı ıı ıııııı ııııı ııı ıııı ıııııı ııı ıııııııı ıı ıııııı ııııı ııı ıııı ıııııı ııı ıııııııı ıı ıııııı ııııı ııı ıııı ıııııı ııı ıııııııı ıı ıııııı ııııı ııı ıııı ıııııı ııı ıııııııı ıı ıııııı ııııı ııı ıııı ıııııı ııı ıııııııı ıı ıııııı ııııı ııı ıııı ıııııı ııı ıııııııı ıı ıııııı ııııı ııı ıııı ıııııı ııı ıııııııı ıı ıııııı ııııı ııı ıııı ıııııı ııı ıııııııı ıı ıııııı ııııı ııı ıııı ıııııı ııı ıııııııı ıı ıııııı ııııı ııı ıııı ıııııı ııı ıııııııı ıı ıııııı ııııı ııı ıııı ıııııı ııı ıııııııı ıı ıııııı ııııı ııı ıııı ıııııı ııı ıııııııı ıı ıııııı ııııı ııı ıııı ıııııı ııı ıııııııı ıı ıııııı ııııı ııı ıııı ıııııı ııı ıııııııı ıı ıııııı ııııı ııı ıııı ıııııı ııı ıııııııı ıı ıııııı ııııı ııı ıııı ıııııı ııı ıııııııı ıı ıııııı ııııı ııı ıııı ıııııı ııı ıııııııı ıı ıııııı ııııı ııı ıııı ıııııı ııı ıııııııı ıı ıııııı ııııı ııı ıııı ıııııı ııı ıııııııı ıı ıııııı ııııı ııı ıııı ıııııı ııı ıııııııı ıı ıııııı ııııı ııı ıııı ıııııı ııı ıııııııı ıı ıııııı ııııı ııı ıııı ıııııı ııı ıııııııı ıı ıııııı ııııı ııı ıııı ıııııı ııı ıııııııı ıı ıııııı ııııı ııı ıııı ıııııı ııı ıııııııı ıı ıııııı ııııı ııı ıııı ıııııı ııı ıııııııı ıı ıııııı ııııı ııı ıııı ıııııı ııı ıııııııı ıı ıııııı ııııı ııı ıııı ıııııı ııı ıııııııı ıı ıııııı ııııı ııı ıııı ıııııı ııı ıııııııı ıı ıııııı ııııı ııı ıııı ıııııı ııı ıııııııı ıı ıııııı ııııı ııı ıııı ıııııı ııı ıııııııı ıı ıııııı ııııı ııı ıııı ıııııı ııı ıııııııı ıı ıııııı ııııı ııı ıııı ıııııı ııı ıııııııı ıı ıııııı ııııı ııı ıııı ıııııı ııı ıııııııı ıı ıııııı ııııı ııı ıııı ıııııı ııı ıııııııı ıı ıııııı ııııı ııı ıııı ıııııı ııı ıııııııı ıı ıııııı ııııı ııı ıııı ıııııı ııı ıııııııı ıı ıııııı ııııı ııı ıııı ıııııı ııı ıııııııı ıı ıııııı ııııı ııı ıııı ıııııı ııı ıııııııı ıı ıııııı ııııı ııı ıııı ıııııı ııı ıııııııı ıı ıııııı ııııı ııı ıııı ıııııı ııı ıııııııı ıı ıııııı ııııı ııı ıııı ıııııı ııı ıııııııı ıı ıııııı ııııı ııı ıııı ıııııı ııı ıııııııı ıı ıııııı ııııı ııı ıııı ıııııı ııı ıııııııı ıı ıııııı ııııı ııı ıııı ıııııı ııı ıııııııı ıı ıııııı ııııı ııı ıııı ıııııı ııı ıııııııı ıı ıııııı ııııı ııı ıııı ıııııı ııı ıııııııı ıı ıııııı ııııı ııı ıııı ıııııı ııı ıııııııı ıı ıııııı ııııı ııı ıııı ıııııı ııı ıııııııı ıı ıııııı ııııı ııı ıııı ıııııı ııı ıııııııı ıı ıııııı ııııı ııı ıııı ıııııı ııı ıııııııı ıı ıııııı ııııı ııı ıııı ıııııı ııı ıııııııı ıı ıııııı ııııı ııı ıııı ıııııı ııı ıııııııı ıı ıııııı ııııı ııı ıııı ıııııı ııı ıııııııı ıı ıııııı ııııı ııı ıııı ıııııı ııı ıııııııı ıı ıııııı ııııı ııı ıııı ıııııı ııı ıııııııı ıı ıııııı ııııı ııı ıııı ıııııı ııı ıııııııı ıı ıııııı ııııı ııı ıııı ıııııı ııı ıııııııı ıı ıııııı ııııı ııı ıııı ıııııı ııı ıııııııı ıı ıııııı ııııı ııı ıııı ıııııı ııı ıııııııı ıı ıııııı ııııı ııı ıııı ıııııı ııı ıııııııı ıı ıııııı ııııı ııı ıııı ıııııı ııı ıııııııı ıı ıııııı ııııı ııı ıııı ıııııı ııı ıııııııı ıı ıııııı ııııı ııı ıııı ıııııı ııı ıııııııı ıı ıııııı ııııı ııı ıııı ıııııı ııı ıııııııı ıı ıııııı ııııı ııı ıııı ıııııı ııı ıııııııı ıı ıııııı ııııı ııı ıııı ıııııı ııı ıııııııı ıı ıııııı ııııı ııı ıııı ıııııı ııı ıııııııı ıı ıııııı ııııı ııı ıııı ıııııı ııı ıııııııı ıı ıııııı ııııı ııı ıııı ıııııı ııı ıııııııı ıı ıııııı ııııı ııı ıııı ıııııı ııı ıııııııı ıı ıııııı ııııı ııı ıııı ıııııı ııı ıııııııı ıı ıııııı ııııı ııı ıııı ıııııı ııı ıııııııı ıı ıııııı ııııı ııı ıııı ıııııı ııı ıııııııı ıı ıııııı ııııı ııı ıııı ıııııı ııı ıııııııı ıı ıııııı ııııı ııı ıııı ıııııı ııı ıııııııı ıı ıııııı ııııı ııı ıııı ıııııı ııı ıııııııı ıı ıııııı ııııı ııı ıııı ıııııı ııı ıııııııı ıı ıııııı ııııı ııı ıııı ıııııı ııı ıııııııı ıı ıııııı ııııı ııı ıııı ıııııı ııı ıııııııı ıı ıııııı ııııı ııı ıııı ıııııı ııı ıııııııı ıı ıııııı ııııı ııı ıııı ıııııı ııı ıııııııı ıı ıııııı ııııı ııı ıııı ıııııı ııı ıııııııı ıı ıııııı ııııı ııı ıııı ıııııı ııı ıııııııı ıı ıııııı ııııı ııı ıııı ıııııı ııı ıııııııı ıı ıııııı ııııı ııı ıııı ıııııı ııı ıııııııı ıı ıııııı ııııı ııı ıııı ıııııı ııı ıııııııı ıı ıııııı ııııı ııı ıııı ıııııı ııı ıııııııı ıı ıııııı ııııı ııı ıııı ıııııı ııı ıııııııı ıı ıııııı ııııı ııı ıııı ıııııı ııı ıııııııı ıı ıııııı ııııı ııı ıııı ıııııı ııı ıııııııı ıı ıııııı ııııı ııı ıııı ıııııı ııı ıııııııı ıı ıııııı ııııı ııı ıııı ıııııı ııı ıııııııı ıı ıııııı ııııı ııı ıııı ıııııı ııı ıııııııı ıı ıııııı ııııı ııı ıııı ıııııı ııı ıııııııı ıı ıııııı ııııı ııı ıııı ıııııı ııı ıııııııı ıı ıııııı ııııı ııı ıııı ıııııı ııı ıııııııı ıı ıııııı ııııı ııı ıııı ıııııı ııı ıııııııı ıı ıııııı ııııı ııı ıııı ıııııı ııı ıııııııı ıı ıııııı ııııı ııı ıııı ıııııı ııı ıııııııı ıı ıııııı ııııı ııı ıııı ıııııı ııı ıııııııı ıı ıııııı ııııı ııı ıııı ıııııı ııı ıııııııı ıı ıııııı ııııı ııı ıııı ıııııı ııı ıııııııı ıı ıııııı ııııı ııı ıııı ıııııı ııı ıııııııı ıı ıııııı ııııı ııı ıııı ıııııı ııı ıııııııı ıı ıııııı ııııı ııı ıııı ıııııı ııı ıııııııı ıı ıııııı ııııı ııı ıııı ıııııı ııı ıııııııı ıı ıııııı ııııı ııı ıııı ıııııı ııı ıııııııı ıı ıııııı ııııı ııı ıııı ıııııı ııı ıııııııı ıı ıııııı ııııı ııı
